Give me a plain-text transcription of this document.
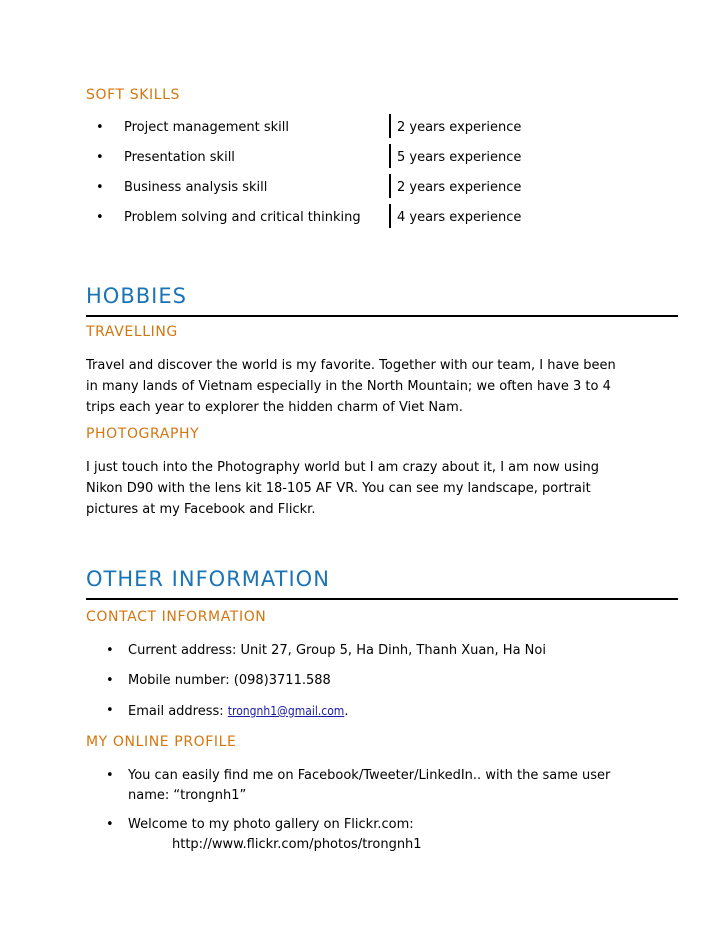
SOFT SKILLS
• Project management skill	2 years experience
• Presentation skill	5 years experience
• Business analysis skill	2 years experience
• Problem solving and critical thinking	4 years experience
HOBBIES
TRAVELLING
Travel and discover the world is my favorite. Together with our team, I have been
in many lands of Vietnam especially in the North Mountain; we often have 3 to 4
trips each year to explorer the hidden charm of Viet Nam.
PHOTOGRAPHY
I just touch into the Photography world but I am crazy about it, I am now using
Nikon D90 with the lens kit 18-105 AF VR. You can see my landscape, portrait
pictures at my Facebook and Flickr.
OTHER INFORMATION
CONTACT INFORMATION
• Current address: Unit 27, Group 5, Ha Dinh, Thanh Xuan, Ha Noi
• Mobile number: (098)3711.588
• Email address: trongnh1@gmail.com.
MY ONLINE PROFILE
• You can easily find me on Facebook/Tweeter/LinkedIn.. with the same user
name: “trongnh1”
• Welcome to my photo gallery on Flickr.com:
http://www.flickr.com/photos/trongnh1
